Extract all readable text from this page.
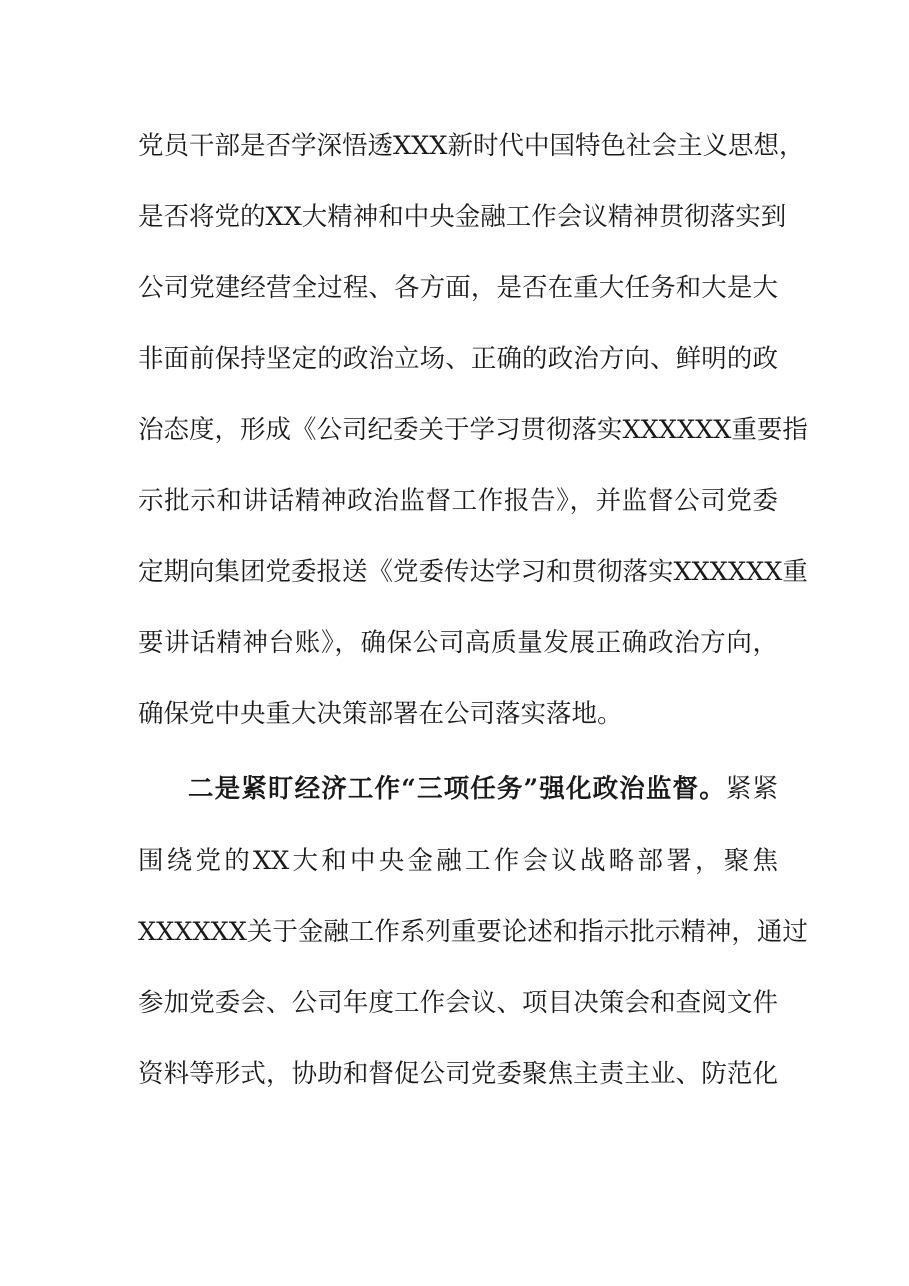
党员干部是否学深悟透XXX新时代中国特色社会主义思想，
是否将党的XX大精神和中央金融工作会议精神贯彻落实到
公司党建经营全过程、各方面，是否在重大任务和大是大
非面前保持坚定的政治立场、正确的政治方向、鲜明的政
治态度，形成《公司纪委关于学习贯彻落实XXXXXX重要指
示批示和讲话精神政治监督工作报告》，并监督公司党委
定期向集团党委报送《党委传达学习和贯彻落实XXXXXX重
要讲话精神台账》，确保公司高质量发展正确政治方向，
确保党中央重大决策部署在公司落实落地。
二是紧盯经济工作“三项任务”强化政治监督。紧紧
围绕党的XX大和中央金融工作会议战略部署，聚焦
XXXXXX关于金融工作系列重要论述和指示批示精神，通过
参加党委会、公司年度工作会议、项目决策会和查阅文件
资料等形式，协助和督促公司党委聚焦主责主业、防范化
